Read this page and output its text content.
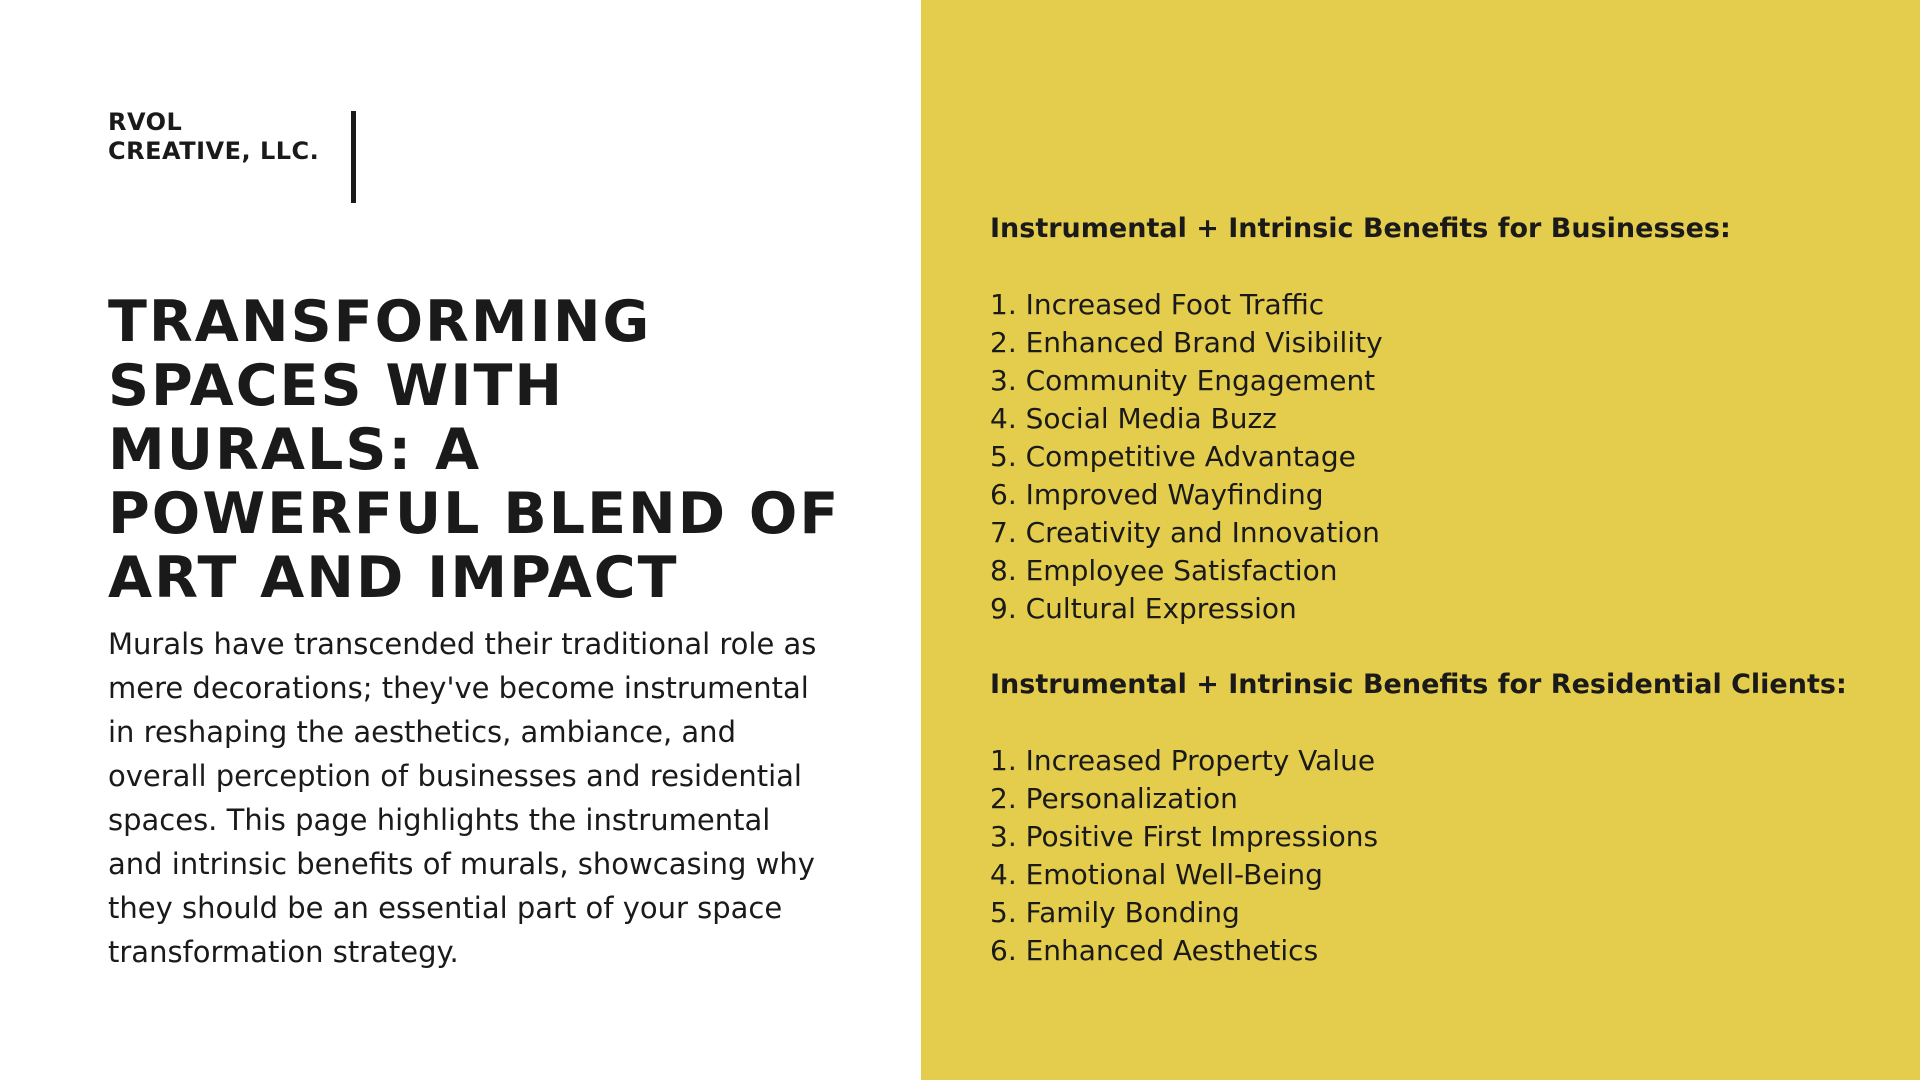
RVOL
CREATIVE, LLC.
TRANSFORMING SPACES WITH MURALS: A POWERFUL BLEND OF ART AND IMPACT

Murals have transcended their traditional role as mere decorations; they've become instrumental in reshaping the aesthetics, ambiance, and overall perception of businesses and residential spaces. This page highlights the instrumental and intrinsic benefits of murals, showcasing why they should be an essential part of your space transformation strategy.

Instrumental + Intrinsic Benefits for Businesses:
1. Increased Foot Traffic
2. Enhanced Brand Visibility
3. Community Engagement
4. Social Media Buzz
5. Competitive Advantage
6. Improved Wayfinding
7. Creativity and Innovation
8. Employee Satisfaction
9. Cultural Expression
Instrumental + Intrinsic Benefits for Residential Clients:
1. Increased Property Value
2. Personalization
3. Positive First Impressions
4. Emotional Well-Being
5. Family Bonding
6. Enhanced Aesthetics
